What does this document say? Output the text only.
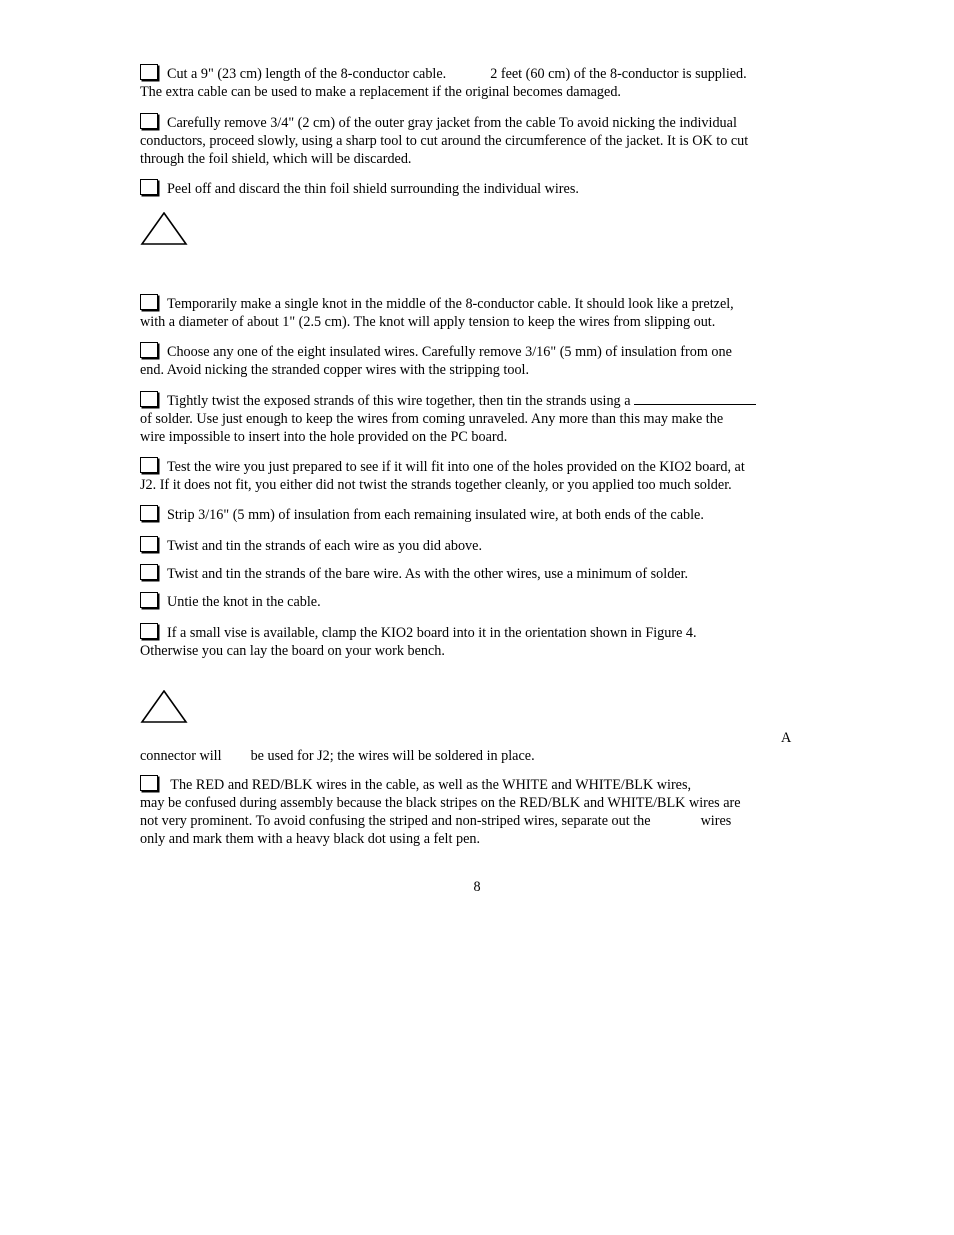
Cut a 9" (23 cm) length of the 8-conductor cable.	2 feet (60 cm) of the 8-conductor is supplied.
The extra cable can be used to make a replacement if the original becomes damaged.
Carefully remove 3/4" (2 cm) of the outer gray jacket from the cable To avoid nicking the individual
conductors, proceed slowly, using a sharp tool to cut around the circumference of the jacket. It is OK to cut
through the foil shield, which will be discarded.
Peel off and discard the thin foil shield surrounding the individual wires.
Temporarily make a single knot in the middle of the 8-conductor cable. It should look like a pretzel,
with a diameter of about 1" (2.5 cm). The knot will apply tension to keep the wires from slipping out.
Choose any one of the eight insulated wires. Carefully remove 3/16" (5 mm) of insulation from one
end. Avoid nicking the stranded copper wires with the stripping tool.
Tightly twist the exposed strands of this wire together, then tin the strands using a
of solder. Use just enough to keep the wires from coming unraveled. Any more than this may make the
wire impossible to insert into the hole provided on the PC board.
Test the wire you just prepared to see if it will fit into one of the holes provided on the KIO2 board, at
J2. If it does not fit, you either did not twist the strands together cleanly, or you applied too much solder.
Strip 3/16" (5 mm) of insulation from each remaining insulated wire, at both ends of the cable.
Twist and tin the strands of each wire as you did above.
Twist and tin the strands of the bare wire. As with the other wires, use a minimum of solder.
Untie the knot in the cable.
If a small vise is available, clamp the KIO2 board into it in the orientation shown in Figure 4.
Otherwise you can lay the board on your work bench.
A
connector will be used for J2; the wires will be soldered in place.
The RED and RED/BLK wires in the cable, as well as the WHITE and WHITE/BLK wires,
may be confused during assembly because the black stripes on the RED/BLK and WHITE/BLK wires are
not very prominent. To avoid confusing the striped and non-striped wires, separate out the	wires
only and mark them with a heavy black dot using a felt pen.
8
